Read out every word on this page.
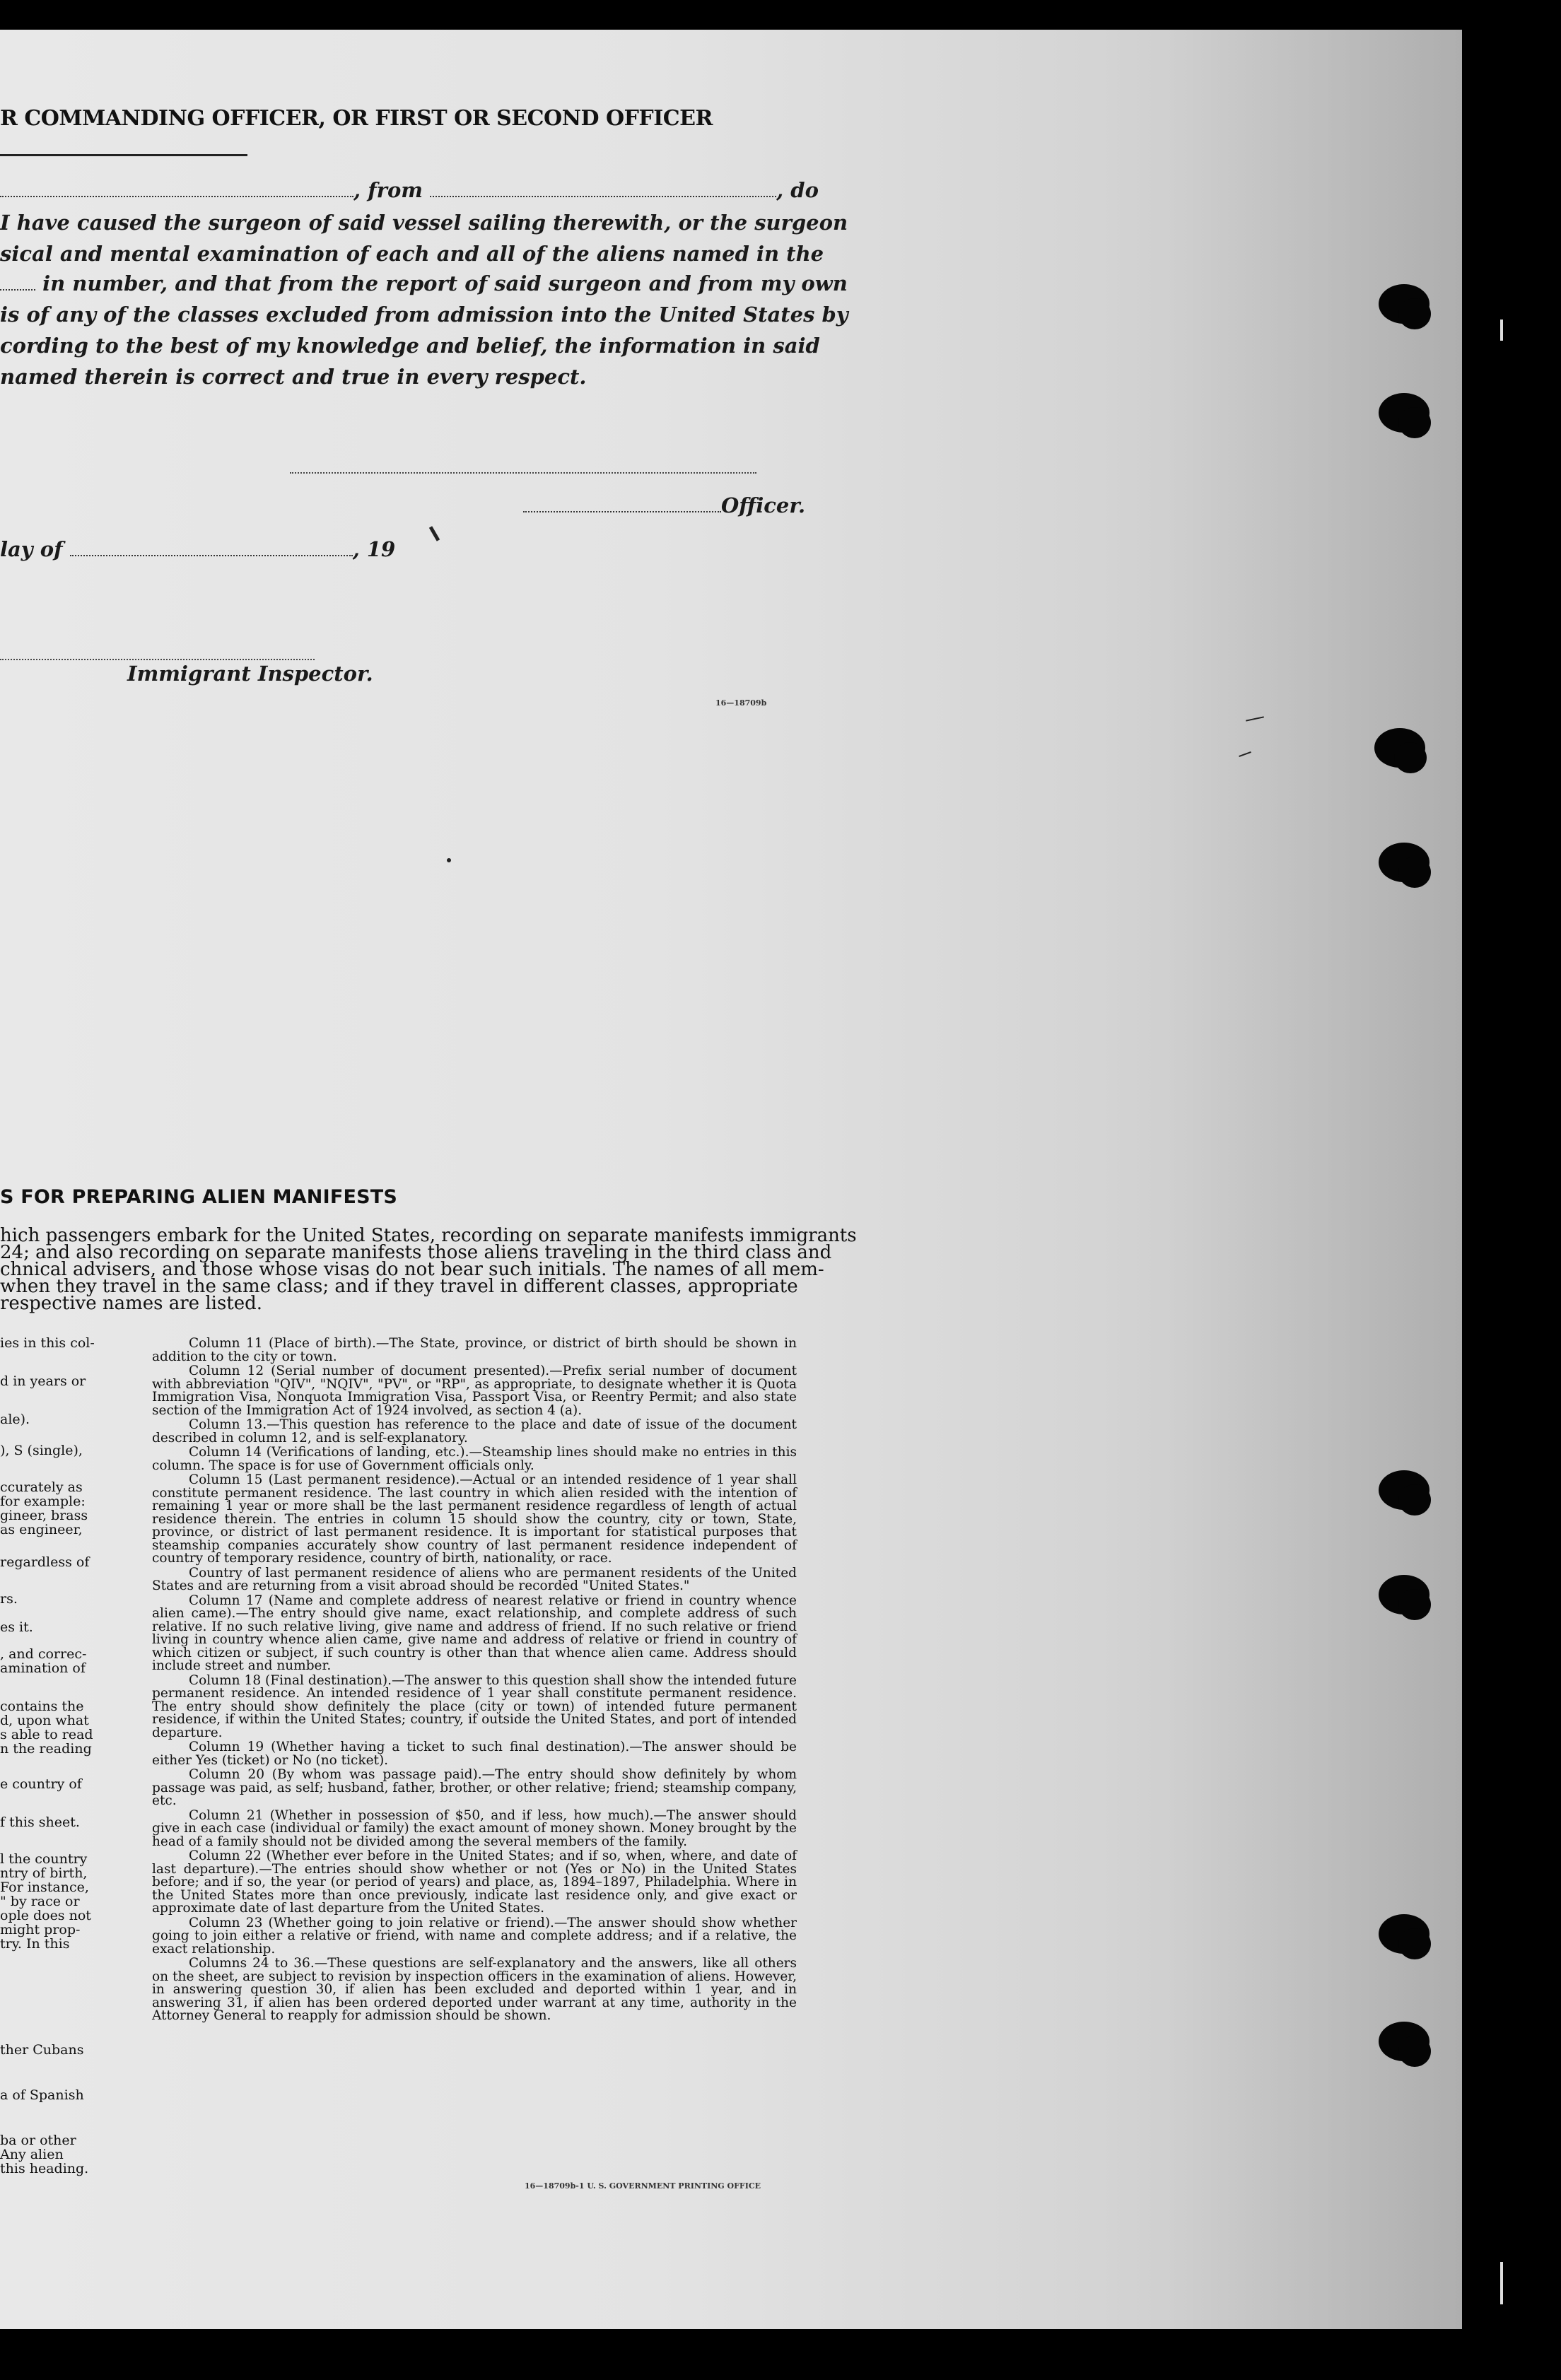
R COMMANDING OFFICER, OR FIRST OR SECOND OFFICER
, from	, do
I have caused the surgeon of said vessel sailing therewith, or the surgeon
sical and mental examination of each and all of the aliens named in the
in number, and that from the report of said surgeon and from my own
is of any of the classes excluded from admission into the United States by
cording to the best of my knowledge and belief, the information in said
named therein is correct and true in every respect.
Officer.
lay of	, 19
Immigrant Inspector.
16—18709b
S FOR PREPARING ALIEN MANIFESTS
hich passengers embark for the United States, recording on separate manifests immigrants
24; and also recording on separate manifests those aliens traveling in the third class and
chnical advisers, and those whose visas do not bear such initials. The names of all mem-
when they travel in the same class; and if they travel in different classes, appropriate
respective names are listed.
ies in this col-
d in years or
ale).
), S (single),
ccurately as
for example:
gineer, brass
as engineer,
regardless of
rs.
es it.
, and correc-
amination of
contains the
d, upon what
s able to read
n the reading
e country of
f this sheet.
l the country
ntry of birth,
For instance,
" by race or
ople does not
might prop-
try. In this
ther Cubans
a of Spanish
ba or other
Any alien
this heading.

Column 11 (Place of birth).—The State, province, or district of birth should be shown in addition to the city or town.

Column 12 (Serial number of document presented).—Prefix serial number of document with abbreviation "QIV", "NQIV", "PV", or "RP", as appropriate, to designate whether it is Quota Immigration Visa, Nonquota Immigration Visa, Passport Visa, or Reentry Permit; and also state section of the Immigration Act of 1924 involved, as section 4 (a).

Column 13.—This question has reference to the place and date of issue of the document described in column 12, and is self-explanatory.

Column 14 (Verifications of landing, etc.).—Steamship lines should make no entries in this column. The space is for use of Government officials only.

Column 15 (Last permanent residence).—Actual or an intended residence of 1 year shall constitute permanent residence. The last country in which alien resided with the intention of remaining 1 year or more shall be the last permanent residence regardless of length of actual residence therein. The entries in column 15 should show the country, city or town, State, province, or district of last permanent residence. It is important for statistical purposes that steamship companies accurately show country of last permanent residence independent of country of temporary residence, country of birth, nationality, or race.

Country of last permanent residence of aliens who are permanent residents of the United States and are returning from a visit abroad should be recorded "United States."

Column 17 (Name and complete address of nearest relative or friend in country whence alien came).—The entry should give name, exact relationship, and complete address of such relative. If no such relative living, give name and address of friend. If no such relative or friend living in country whence alien came, give name and address of relative or friend in country of which citizen or subject, if such country is other than that whence alien came. Address should include street and number.

Column 18 (Final destination).—The answer to this question shall show the intended future permanent residence. An intended residence of 1 year shall constitute permanent residence. The entry should show definitely the place (city or town) of intended future permanent residence, if within the United States; country, if outside the United States, and port of intended departure.

Column 19 (Whether having a ticket to such final destination).—The answer should be either Yes (ticket) or No (no ticket).

Column 20 (By whom was passage paid).—The entry should show definitely by whom passage was paid, as self; husband, father, brother, or other relative; friend; steamship company, etc.

Column 21 (Whether in possession of $50, and if less, how much).—The answer should give in each case (individual or family) the exact amount of money shown. Money brought by the head of a family should not be divided among the several members of the family.

Column 22 (Whether ever before in the United States; and if so, when, where, and date of last departure).—The entries should show whether or not (Yes or No) in the United States before; and if so, the year (or period of years) and place, as, 1894–1897, Philadelphia. Where in the United States more than once previously, indicate last residence only, and give exact or approximate date of last departure from the United States.

Column 23 (Whether going to join relative or friend).—The answer should show whether going to join either a relative or friend, with name and complete address; and if a relative, the exact relationship.

Columns 24 to 36.—These questions are self-explanatory and the answers, like all others on the sheet, are subject to revision by inspection officers in the examination of aliens. However, in answering question 30, if alien has been excluded and deported within 1 year, and in answering 31, if alien has been ordered deported under warrant at any time, authority in the Attorney General to reapply for admission should be shown.

16—18709b-1 U. S. GOVERNMENT PRINTING OFFICE
